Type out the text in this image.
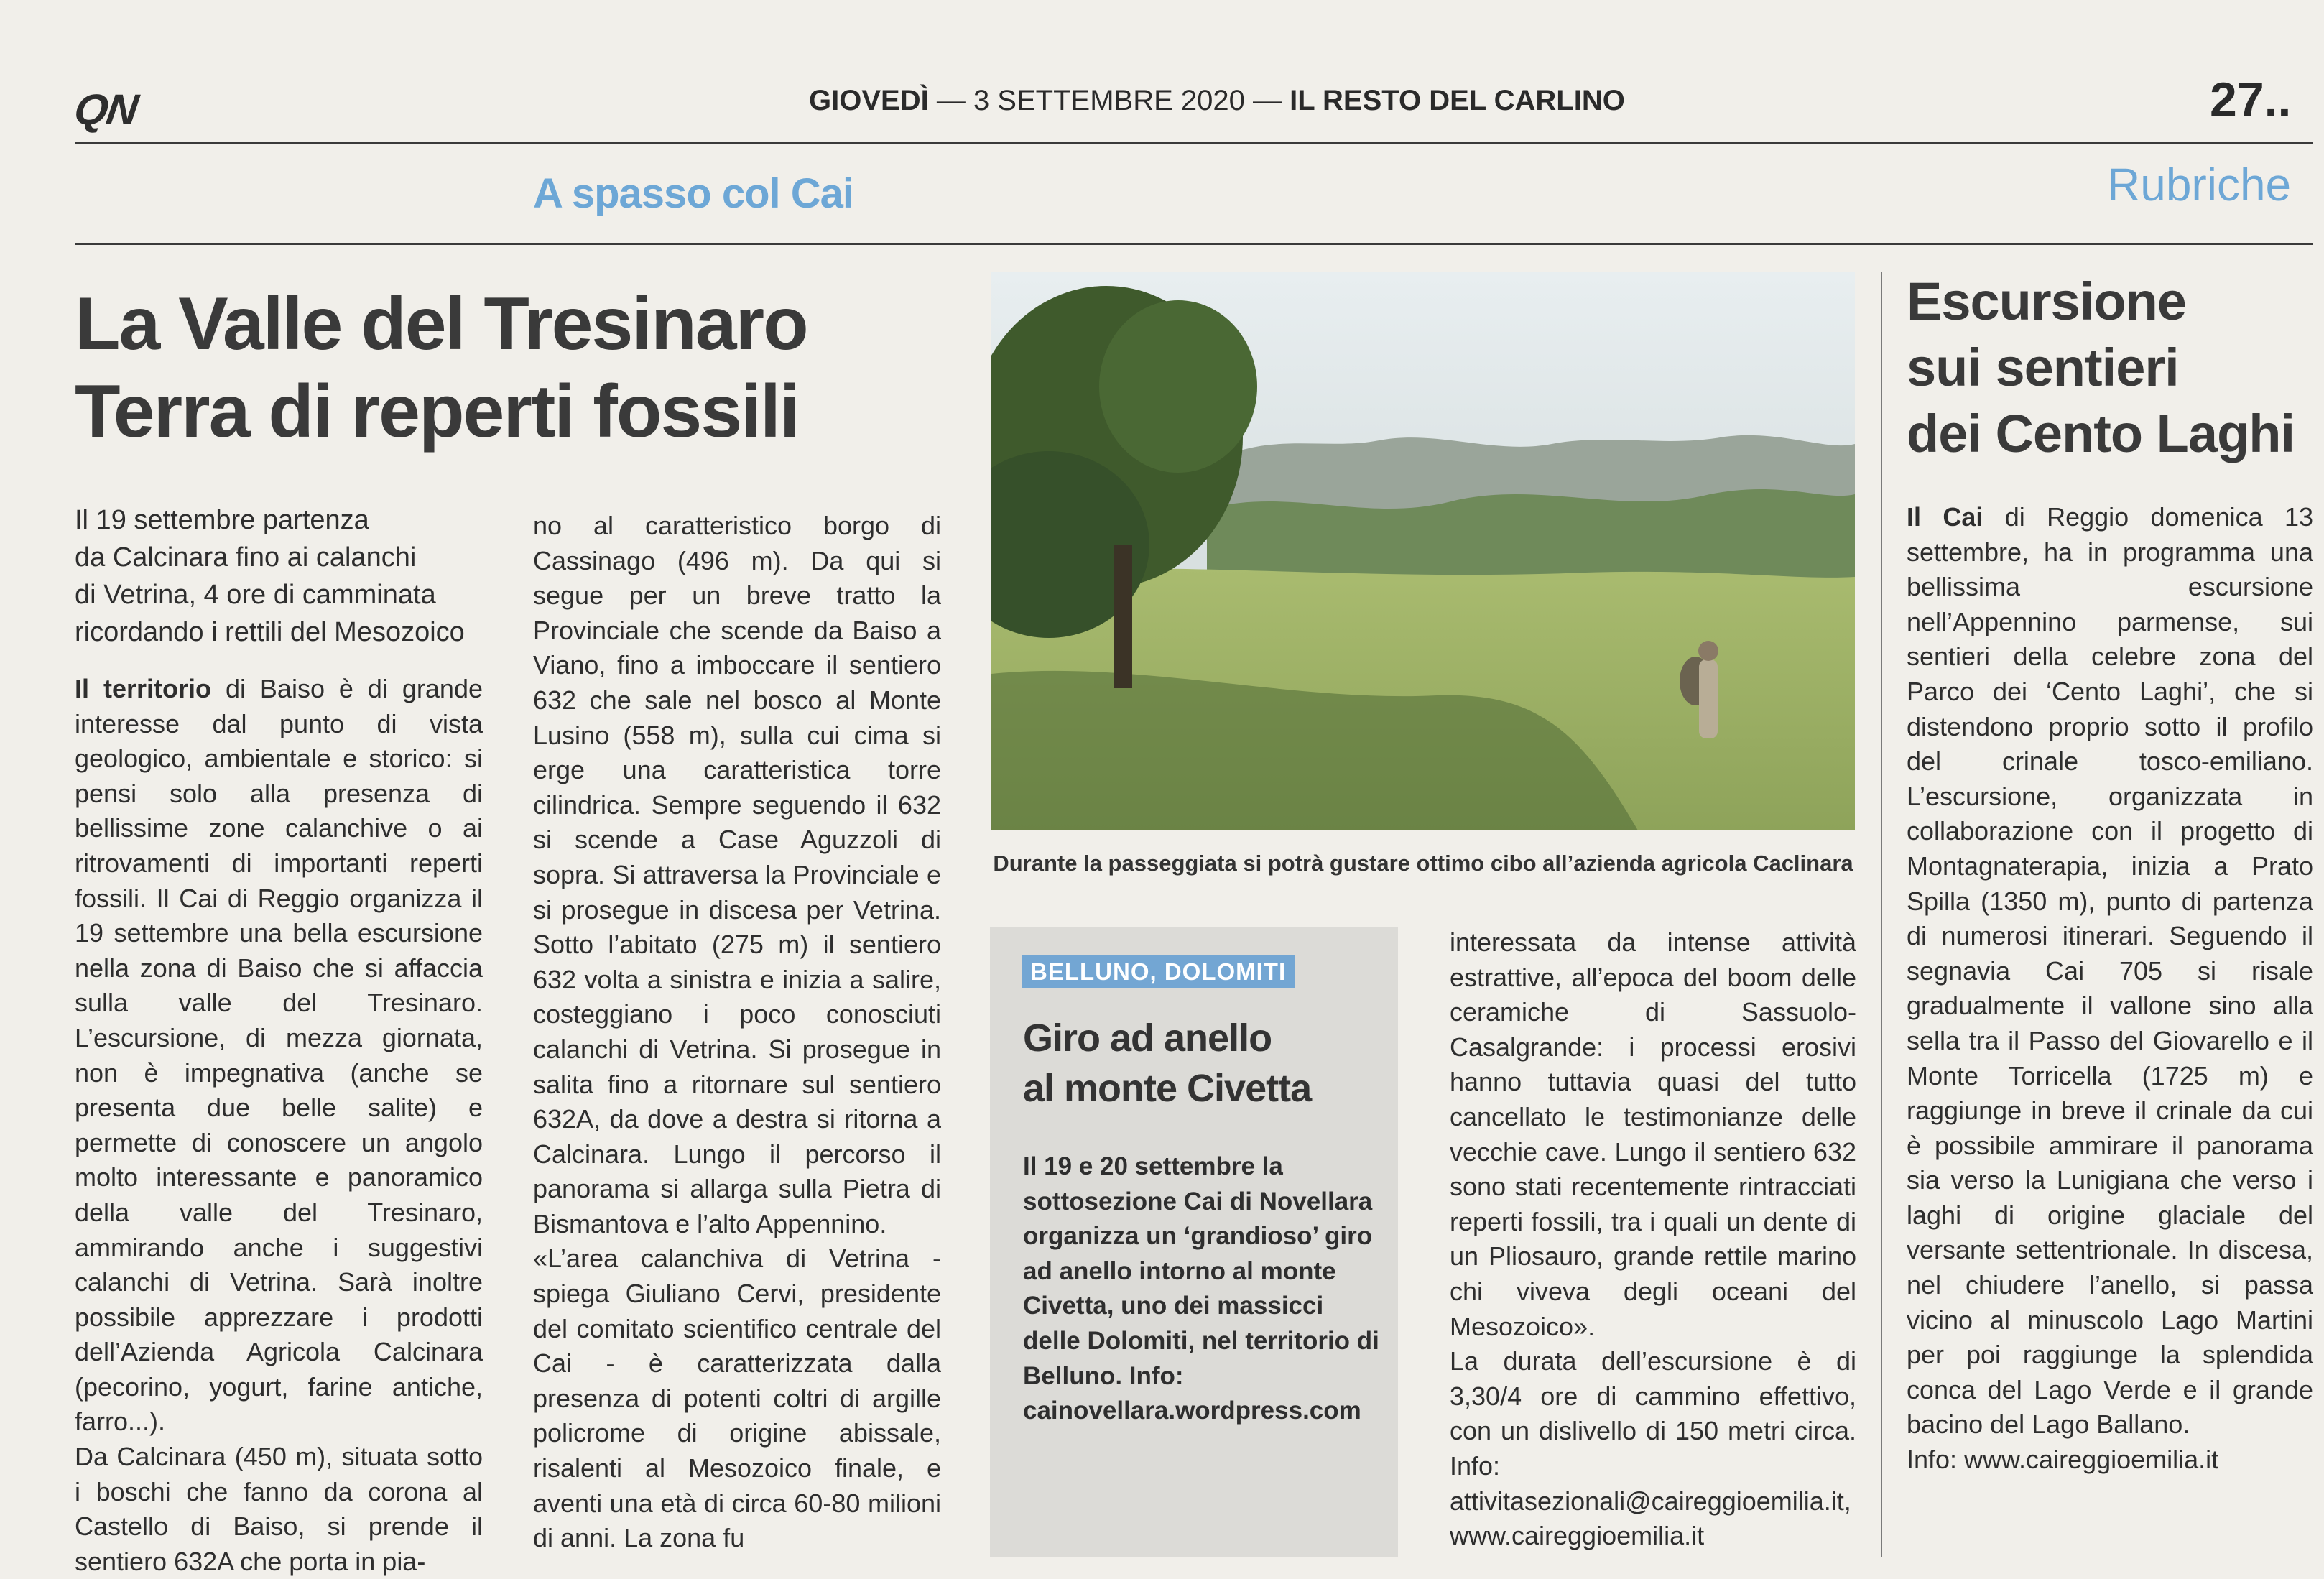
QN	GIOVEDÌ — 3 SETTEMBRE 2020 — IL RESTO DEL CARLINO	27..
A spasso col Cai	Rubriche
La Valle del Tresinaro
Terra di reperti fossili
Il 19 settembre partenza
da Calcinara fino ai calanchi
di Vetrina, 4 ore di camminata
ricordando i rettili del Mesozoico

Il territorio di Baiso è di grande interesse dal punto di vista geologico, ambientale e storico: si pensi solo alla presenza di bellissime zone calanchive o ai ritrovamenti di importanti reperti fossili. Il Cai di Reggio organizza il 19 settembre una bella escursione nella zona di Baiso che si affaccia sulla valle del Tresinaro. L’escursione, di mezza giornata, non è impegnativa (anche se presenta due belle salite) e permette di conoscere un angolo molto interessante e panoramico della valle del Tresinaro, ammirando anche i suggestivi calanchi di Vetrina. Sarà inoltre possibile apprezzare i prodotti dell’Azienda Agricola Calcinara (pecorino, yogurt, farine antiche, farro...).

Da Calcinara (450 m), situata sotto i boschi che fanno da corona al Castello di Baiso, si prende il sentiero 632A che porta in pia-

no al caratteristico borgo di Cassinago (496 m). Da qui si segue per un breve tratto la Provinciale che scende da Baiso a Viano, fino a imboccare il sentiero 632 che sale nel bosco al Monte Lusino (558 m), sulla cui cima si erge una caratteristica torre cilindrica. Sempre seguendo il 632 si scende a Case Aguzzoli di sopra. Si attraversa la Provinciale e si prosegue in discesa per Vetrina. Sotto l’abitato (275 m) il sentiero 632 volta a sinistra e inizia a salire, costeggiano i poco conosciuti calanchi di Vetrina. Si prosegue in salita fino a ritornare sul sentiero 632A, da dove a destra si ritorna a Calcinara. Lungo il percorso il panorama si allarga sulla Pietra di Bismantova e l’alto Appennino.

«L’area calanchiva di Vetrina - spiega Giuliano Cervi, presidente del comitato scientifico centrale del Cai - è caratterizzata dalla presenza di potenti coltri di argille policrome di origine abissale, risalenti al Mesozoico finale, e aventi una età di circa 60-80 milioni di anni. La zona fu

Durante la passeggiata si potrà gustare ottimo cibo all’azienda agricola Caclinara
BELLUNO, DOLOMITI
Giro ad anello
al monte Civetta
Il 19 e 20 settembre la sottosezione Cai di Novellara organizza un ‘grandioso’ giro ad anello intorno al monte Civetta, uno dei massicci delle Dolomiti, nel territorio di Belluno. Info: cainovellara.wordpress.com

interessata da intense attività estrattive, all’epoca del boom delle ceramiche di Sassuolo-Casalgrande: i processi erosivi hanno tuttavia quasi del tutto cancellato le testimonianze delle vecchie cave. Lungo il sentiero 632 sono stati recentemente rintracciati reperti fossili, tra i quali un dente di un Pliosauro, grande rettile marino chi viveva degli oceani del Mesozoico».

La durata dell’escursione è di 3,30/4 ore di cammino effettivo, con un dislivello di 150 metri circa. Info: attivitasezionali@caireggioemilia.it, www.caireggioemilia.it

Escursione
sui sentieri
dei Cento Laghi

Il Cai di Reggio domenica 13 settembre, ha in programma una bellissima escursione nell’Appennino parmense, sui sentieri della celebre zona del Parco dei ‘Cento Laghi’, che si distendono proprio sotto il profilo del crinale tosco-emiliano. L’escursione, organizzata in collaborazione con il progetto di Montagnaterapia, inizia a Prato Spilla (1350 m), punto di partenza di numerosi itinerari. Seguendo il segnavia Cai 705 si risale gradualmente il vallone sino alla sella tra il Passo del Giovarello e il Monte Torricella (1725 m) e raggiunge in breve il crinale da cui è possibile ammirare il panorama sia verso la Lunigiana che verso i laghi di origine glaciale del versante settentrionale. In discesa, nel chiudere l’anello, si passa vicino al minuscolo Lago Martini per poi raggiunge la splendida conca del Lago Verde e il grande bacino del Lago Ballano.

Info: www.caireggioemilia.it
